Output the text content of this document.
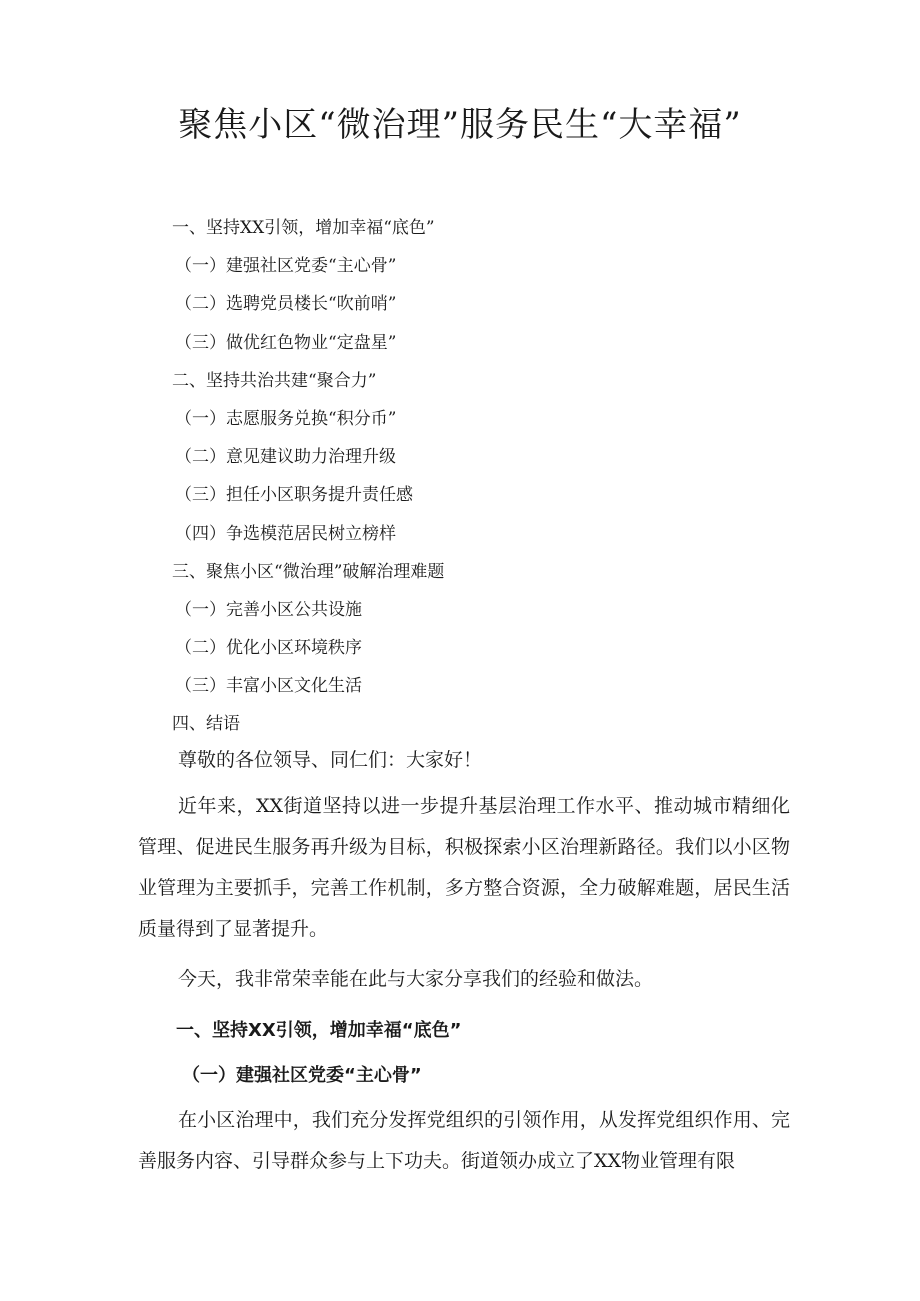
聚焦小区“微治理”服务民生“大幸福”
一、坚持XX引领，增加幸福“底色”
（一）建强社区党委“主心骨”
（二）选聘党员楼长“吹前哨”
（三）做优红色物业“定盘星”
二、坚持共治共建“聚合力”
（一）志愿服务兑换“积分币”
（二）意见建议助力治理升级
（三）担任小区职务提升责任感
（四）争选模范居民树立榜样
三、聚焦小区“微治理”破解治理难题
（一）完善小区公共设施
（二）优化小区环境秩序
（三）丰富小区文化生活
四、结语

尊敬的各位领导、同仁们：大家好！

近年来，XX街道坚持以进一步提升基层治理工作水平、推动城市精细化管理、促进民生服务再升级为目标，积极探索小区治理新路径。我们以小区物业管理为主要抓手，完善工作机制，多方整合资源，全力破解难题，居民生活质量得到了显著提升。

今天，我非常荣幸能在此与大家分享我们的经验和做法。

一、坚持XX引领，增加幸福“底色”

（一）建强社区党委“主心骨”

在小区治理中，我们充分发挥党组织的引领作用，从发挥党组织作用、完善服务内容、引导群众参与上下功夫。街道领办成立了XX物业管理有限
